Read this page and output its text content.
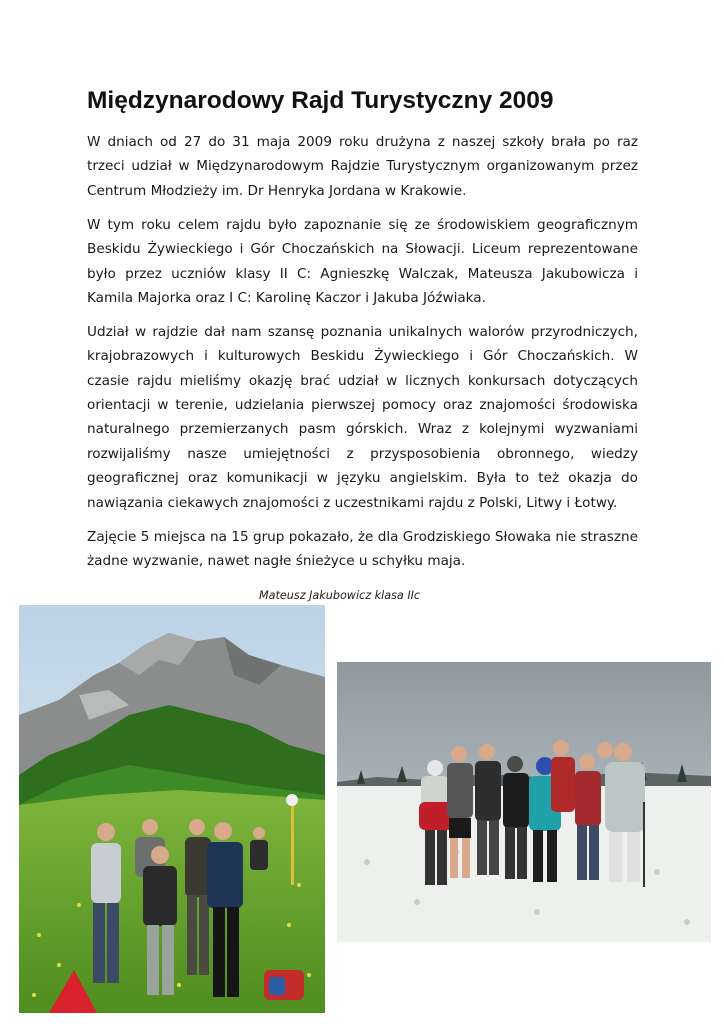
Międzynarodowy Rajd Turystyczny 2009

W dniach od 27 do 31 maja 2009 roku drużyna z naszej szkoły brała po raz trzeci udział w Międzynarodowym Rajdzie Turystycznym organizowanym przez Centrum Młodzieży im. Dr Henryka Jordana w Krakowie.

W tym roku celem rajdu było zapoznanie się ze środowiskiem geograficznym Beskidu Żywieckiego i Gór Choczańskich na Słowacji. Liceum reprezentowane było przez uczniów klasy II C: Agnieszkę Walczak, Mateusza Jakubowicza i Kamila Majorka oraz I C: Karolinę Kaczor i Jakuba Jóźwiaka.

Udział w rajdzie dał nam szansę poznania unikalnych walorów przyrodniczych, krajobrazowych i kulturowych Beskidu Żywieckiego i Gór Choczańskich. W czasie rajdu mieliśmy okazję brać udział w licznych konkursach dotyczących orientacji w terenie, udzielania pierwszej pomocy oraz znajomości środowiska naturalnego przemierzanych pasm górskich. Wraz z kolejnymi wyzwaniami rozwijaliśmy nasze umiejętności z przysposobienia obronnego, wiedzy geograficznej oraz komunikacji w języku angielskim. Była to też okazja do nawiązania ciekawych znajomości z uczestnikami rajdu z Polski, Litwy i Łotwy.

Zajęcie 5 miejsca na 15 grup pokazało, że dla Grodziskiego Słowaka nie straszne żadne wyzwanie, nawet nagłe śnieżyce u schyłku maja.

Mateusz Jakubowicz klasa IIc
